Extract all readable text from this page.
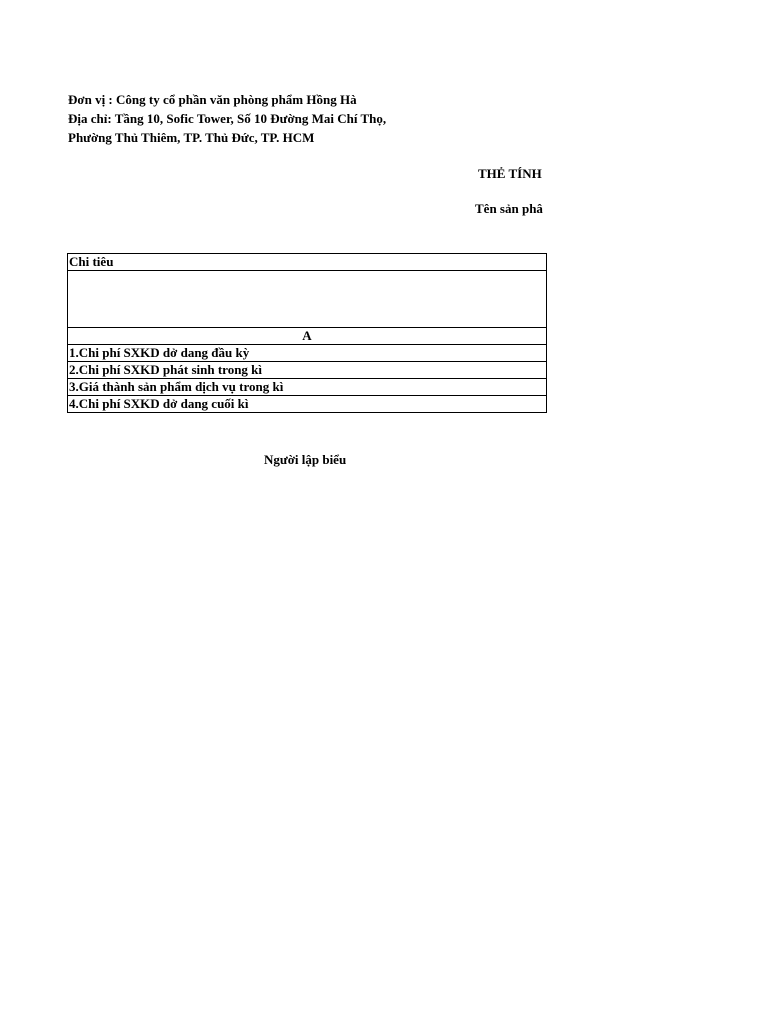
Đơn vị : Công ty cổ phần văn phòng phẩm Hồng Hà
Địa chỉ: Tầng 10, Sofic Tower, Số 10 Đường Mai Chí Thọ,
Phường Thủ Thiêm, TP. Thủ Đức, TP. HCM
THẺ TÍNH
Tên sản phâ
Chi tiêu

A
1.Chi phí SXKD dở dang đầu kỳ
2.Chi phí SXKD phát sinh trong kì
3.Giá thành sản phẩm dịch vụ trong kì
4.Chi phí SXKD dở dang cuối kì
Người lập biểu
